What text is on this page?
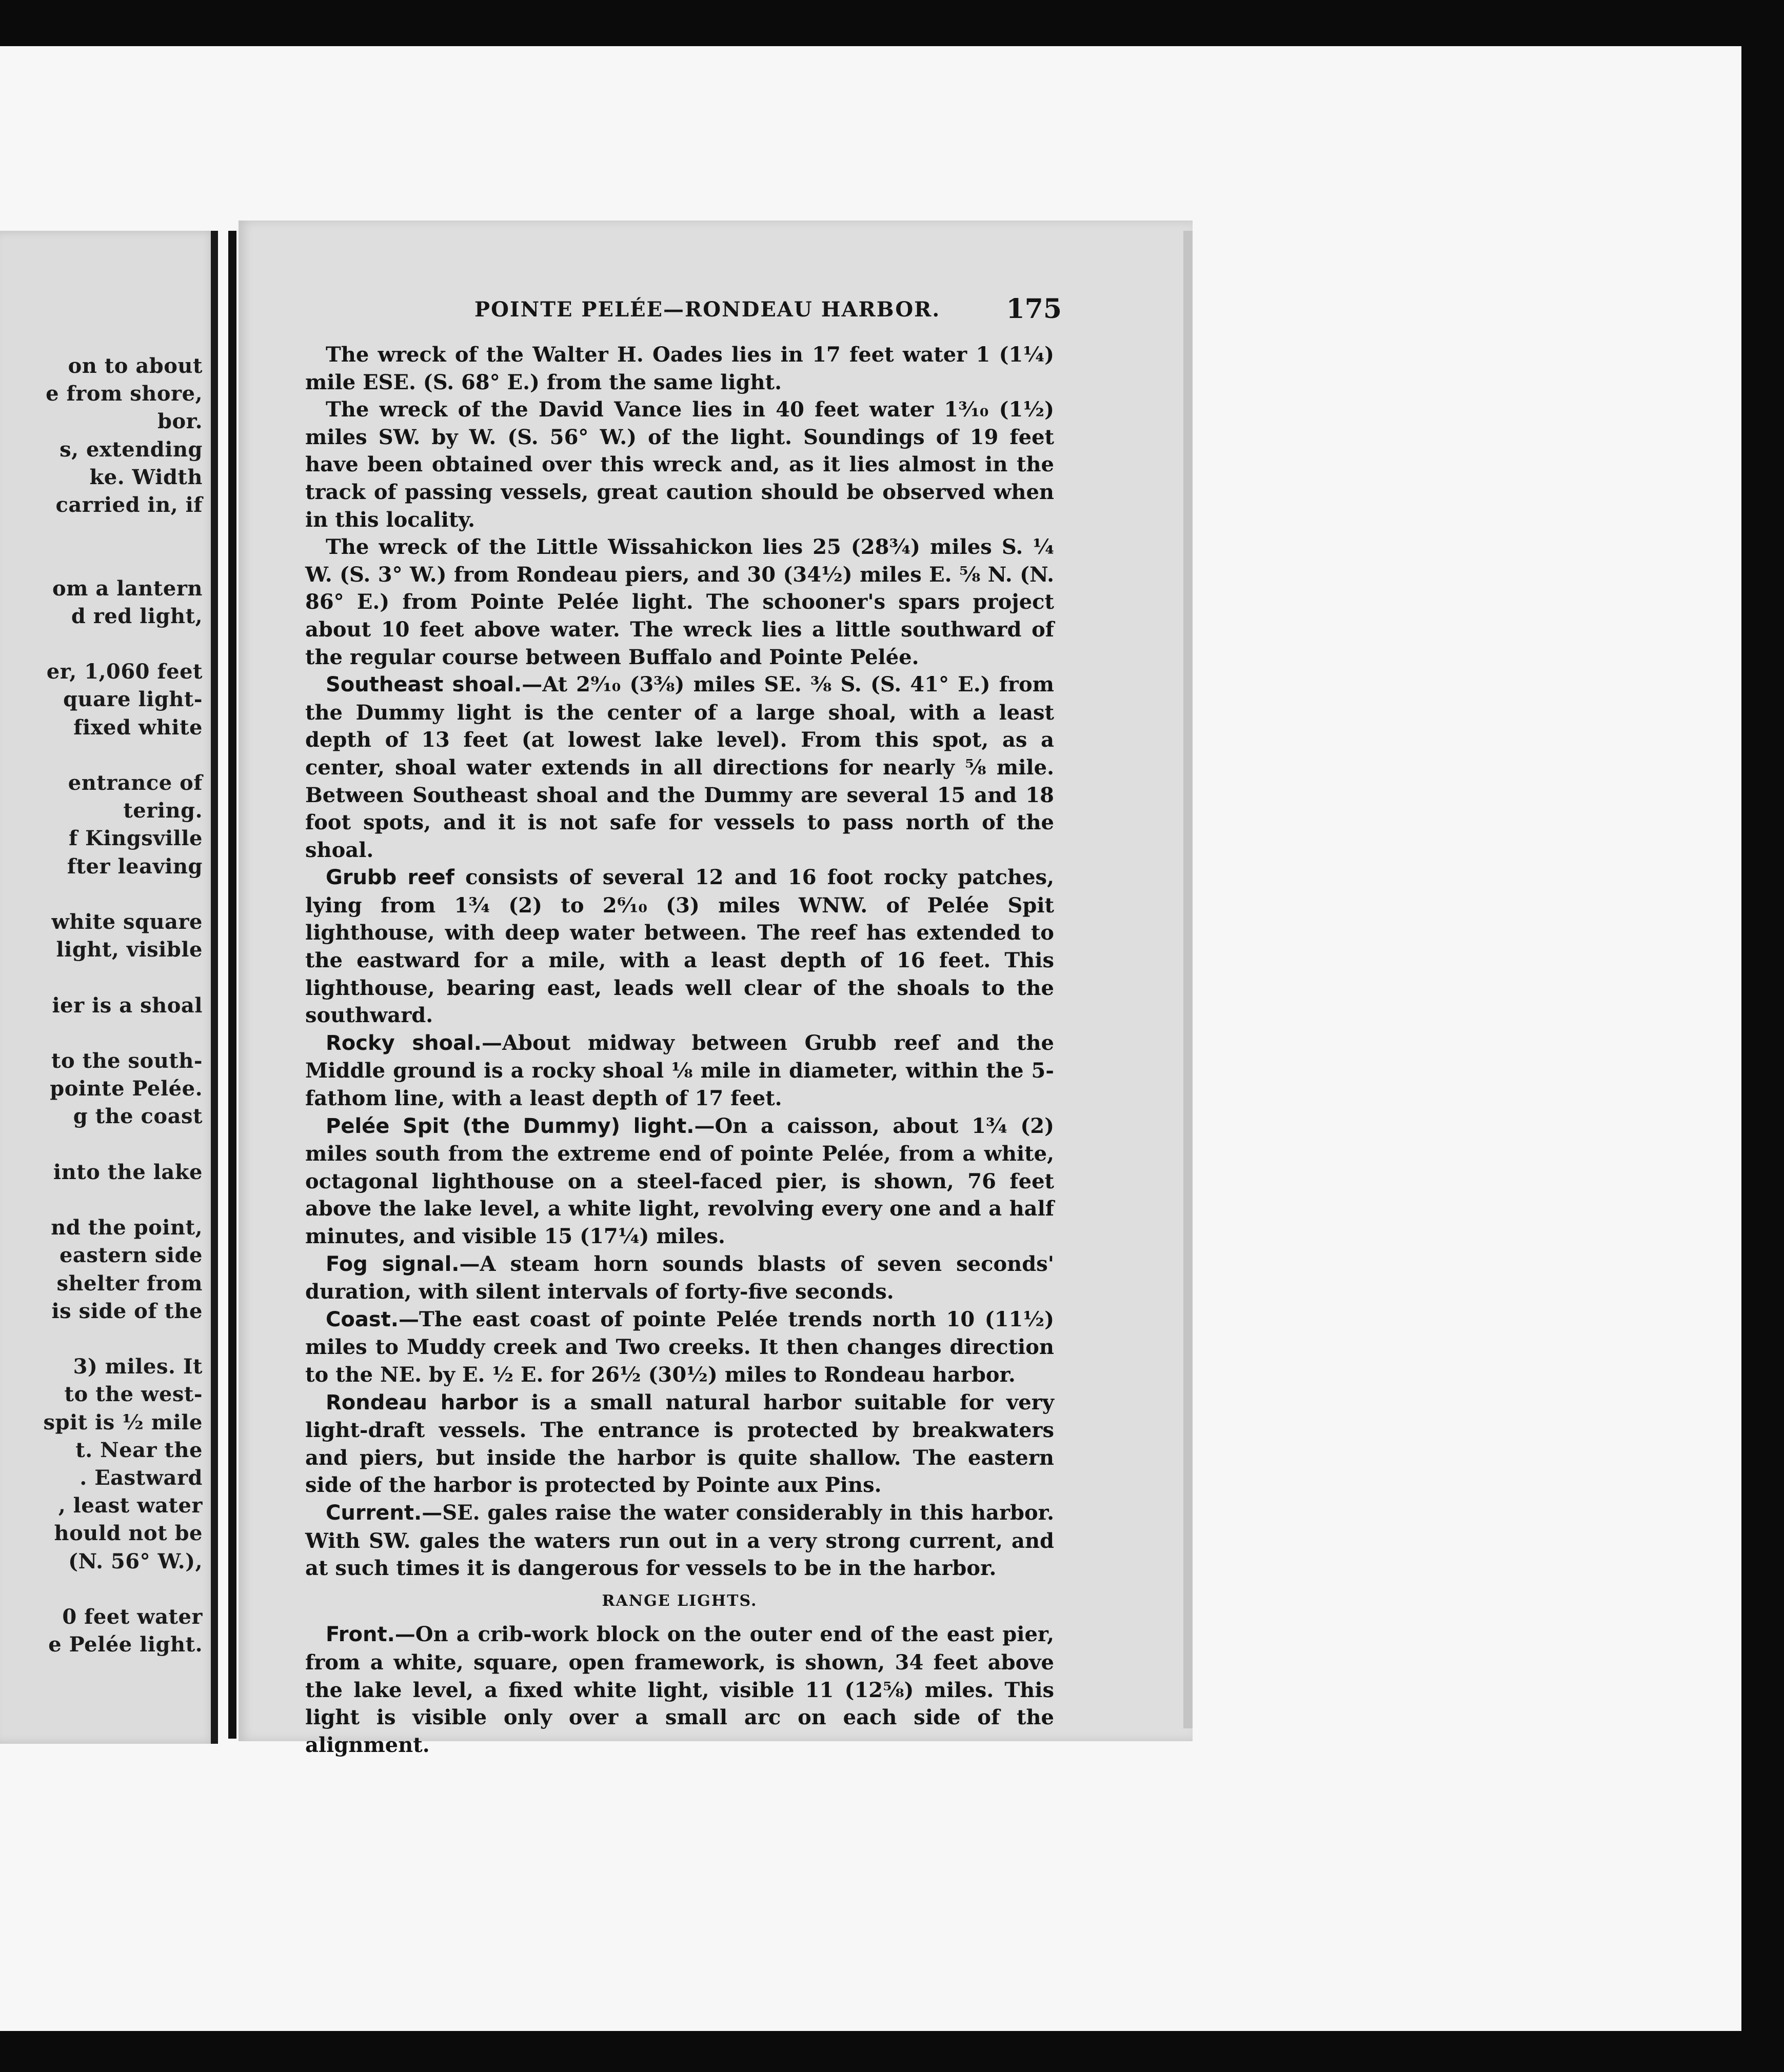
on to about
e from shore,
bor.
s, extending
ke. Width
carried in, if
om a lantern
d red light,
er, 1,060 feet
quare light-
fixed white
entrance of
tering.
f Kingsville
fter leaving
white square
light, visible
ier is a shoal
to the south-
pointe Pelée.
g the coast
into the lake
nd the point,
eastern side
shelter from
is side of the
3) miles. It
to the west-
spit is ½ mile
t. Near the
. Eastward
, least water
hould not be
(N. 56° W.),
0 feet water
e Pelée light.
POINTE PELÉE—RONDEAU HARBOR. 175

The wreck of the Walter H. Oades lies in 17 feet water 1 (1¼) mile ESE. (S. 68° E.) from the same light.

The wreck of the David Vance lies in 40 feet water 1³⁄₁₀ (1½) miles SW. by W. (S. 56° W.) of the light. Soundings of 19 feet have been obtained over this wreck and, as it lies almost in the track of passing vessels, great caution should be observed when in this locality.

The wreck of the Little Wissahickon lies 25 (28¾) miles S. ¼ W. (S. 3° W.) from Rondeau piers, and 30 (34½) miles E. ⅝ N. (N. 86° E.) from Pointe Pelée light. The schooner's spars project about 10 feet above water. The wreck lies a little southward of the regular course between Buffalo and Pointe Pelée.

Southeast shoal.—At 2⁹⁄₁₀ (3⅜) miles SE. ⅜ S. (S. 41° E.) from the Dummy light is the center of a large shoal, with a least depth of 13 feet (at lowest lake level). From this spot, as a center, shoal water extends in all directions for nearly ⅝ mile. Between Southeast shoal and the Dummy are several 15 and 18 foot spots, and it is not safe for vessels to pass north of the shoal.

Grubb reef consists of several 12 and 16 foot rocky patches, lying from 1¾ (2) to 2⁶⁄₁₀ (3) miles WNW. of Pelée Spit lighthouse, with deep water between. The reef has extended to the eastward for a mile, with a least depth of 16 feet. This lighthouse, bearing east, leads well clear of the shoals to the southward.

Rocky shoal.—About midway between Grubb reef and the Middle ground is a rocky shoal ⅛ mile in diameter, within the 5-fathom line, with a least depth of 17 feet.

Pelée Spit (the Dummy) light.—On a caisson, about 1¾ (2) miles south from the extreme end of pointe Pelée, from a white, octagonal lighthouse on a steel-faced pier, is shown, 76 feet above the lake level, a white light, revolving every one and a half minutes, and visible 15 (17¼) miles.

Fog signal.—A steam horn sounds blasts of seven seconds' duration, with silent intervals of forty-five seconds.

Coast.—The east coast of pointe Pelée trends north 10 (11½) miles to Muddy creek and Two creeks. It then changes direction to the NE. by E. ½ E. for 26½ (30½) miles to Rondeau harbor.

Rondeau harbor is a small natural harbor suitable for very light-draft vessels. The entrance is protected by breakwaters and piers, but inside the harbor is quite shallow. The eastern side of the harbor is protected by Pointe aux Pins.

Current.—SE. gales raise the water considerably in this harbor. With SW. gales the waters run out in a very strong current, and at such times it is dangerous for vessels to be in the harbor.

RANGE LIGHTS.

Front.—On a crib-work block on the outer end of the east pier, from a white, square, open framework, is shown, 34 feet above the lake level, a fixed white light, visible 11 (12⅝) miles. This light is visible only over a small arc on each side of the alignment.
